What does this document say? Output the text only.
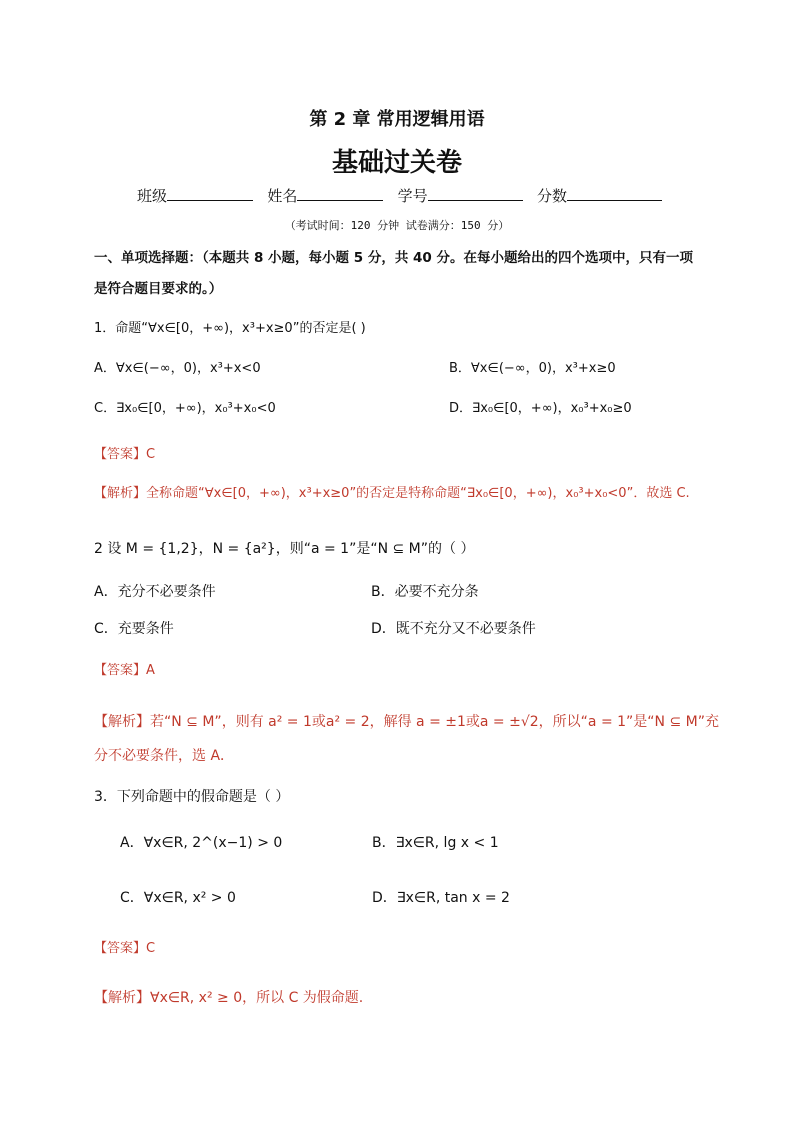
第 2 章 常用逻辑用语
基础过关卷
班级	姓名	学号	分数
（考试时间：120 分钟 试卷满分：150 分）
一、单项选择题：（本题共 8 小题，每小题 5 分，共 40 分。在每小题给出的四个选项中，只有一项
是符合题目要求的。）
1．命题“∀x∈[0，+∞)，x³+x≥0”的否定是( )
A．∀x∈(−∞，0)，x³+x<0	B．∀x∈(−∞，0)，x³+x≥0
C．∃x₀∈[0，+∞)，x₀³+x₀<0	D．∃x₀∈[0，+∞)，x₀³+x₀≥0
【答案】C
【解析】全称命题“∀x∈[0，+∞)，x³+x≥0”的否定是特称命题“∃x₀∈[0，+∞)，x₀³+x₀<0”．故选 C.
2 设 M = {1,2}，N = {a²}，则“a = 1”是“N ⊆ M”的（ ）
A．充分不必要条件	B．必要不充分条
C．充要条件	D．既不充分又不必要条件
【答案】A
【解析】若“N ⊆ M”，则有 a² = 1或a² = 2，解得 a = ±1或a = ±√2，所以“a = 1”是“N ⊆ M”充
分不必要条件，选 A．
3．下列命题中的假命题是（ ）
A．∀x∈R, 2^(x−1) > 0	B．∃x∈R, lg x < 1
C．∀x∈R, x² > 0	D．∃x∈R, tan x = 2
【答案】C
【解析】∀x∈R, x² ≥ 0，所以 C 为假命题.
